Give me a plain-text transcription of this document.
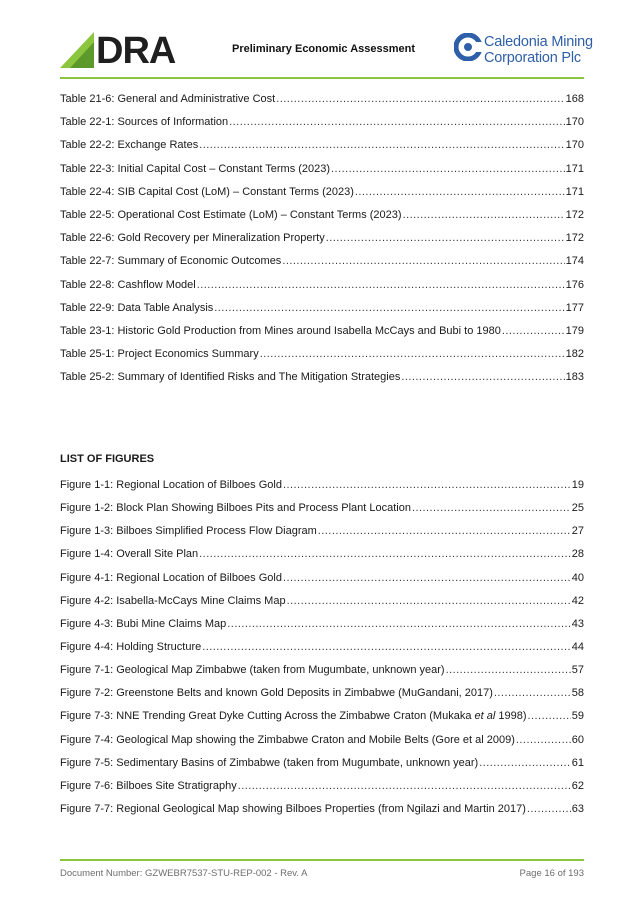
DRA	Preliminary Economic Assessment	Caledonia Mining
Corporation Plc
Table 21-6: General and Administrative Cost . . .	168
Table 22-1: Sources of Information . . .	170
Table 22-2: Exchange Rates . . .	170
Table 22-3: Initial Capital Cost – Constant Terms (2023) . . .	171
Table 22-4: SIB Capital Cost (LoM) – Constant Terms (2023) . . .	171
Table 22-5: Operational Cost Estimate (LoM) – Constant Terms (2023) . . .	172
Table 22-6: Gold Recovery per Mineralization Property . . .	172
Table 22-7: Summary of Economic Outcomes . . .	174
Table 22-8: Cashflow Model . . .	176
Table 22-9: Data Table Analysis . . .	177
Table 23-1: Historic Gold Production from Mines around Isabella McCays and Bubi to 1980 . . .	179
Table 25-1: Project Economics Summary . . .	182
Table 25-2: Summary of Identified Risks and The Mitigation Strategies . . .	183
LIST OF FIGURES
Figure 1-1: Regional Location of Bilboes Gold . . .	19
Figure 1-2: Block Plan Showing Bilboes Pits and Process Plant Location . . .	25
Figure 1-3: Bilboes Simplified Process Flow Diagram . . .	27
Figure 1-4: Overall Site Plan . . .	28
Figure 4-1: Regional Location of Bilboes Gold . . .	40
Figure 4-2: Isabella-McCays Mine Claims Map . . .	42
Figure 4-3: Bubi Mine Claims Map . . .	43
Figure 4-4: Holding Structure . . .	44
Figure 7-1: Geological Map Zimbabwe (taken from Mugumbate, unknown year) . . .	57
Figure 7-2: Greenstone Belts and known Gold Deposits in Zimbabwe (MuGandani, 2017) . . .	58
Figure 7-3: NNE Trending Great Dyke Cutting Across the Zimbabwe Craton (Mukaka et al 1998) . . .	59
Figure 7-4: Geological Map showing the Zimbabwe Craton and Mobile Belts (Gore et al 2009) . . .	60
Figure 7-5: Sedimentary Basins of Zimbabwe (taken from Mugumbate, unknown year) . . .	61
Figure 7-6: Bilboes Site Stratigraphy . . .	62
Figure 7-7: Regional Geological Map showing Bilboes Properties (from Ngilazi and Martin 2017) . . .	63
Document Number: GZWEBR7537-STU-REP-002 - Rev. A	Page 16 of 193
